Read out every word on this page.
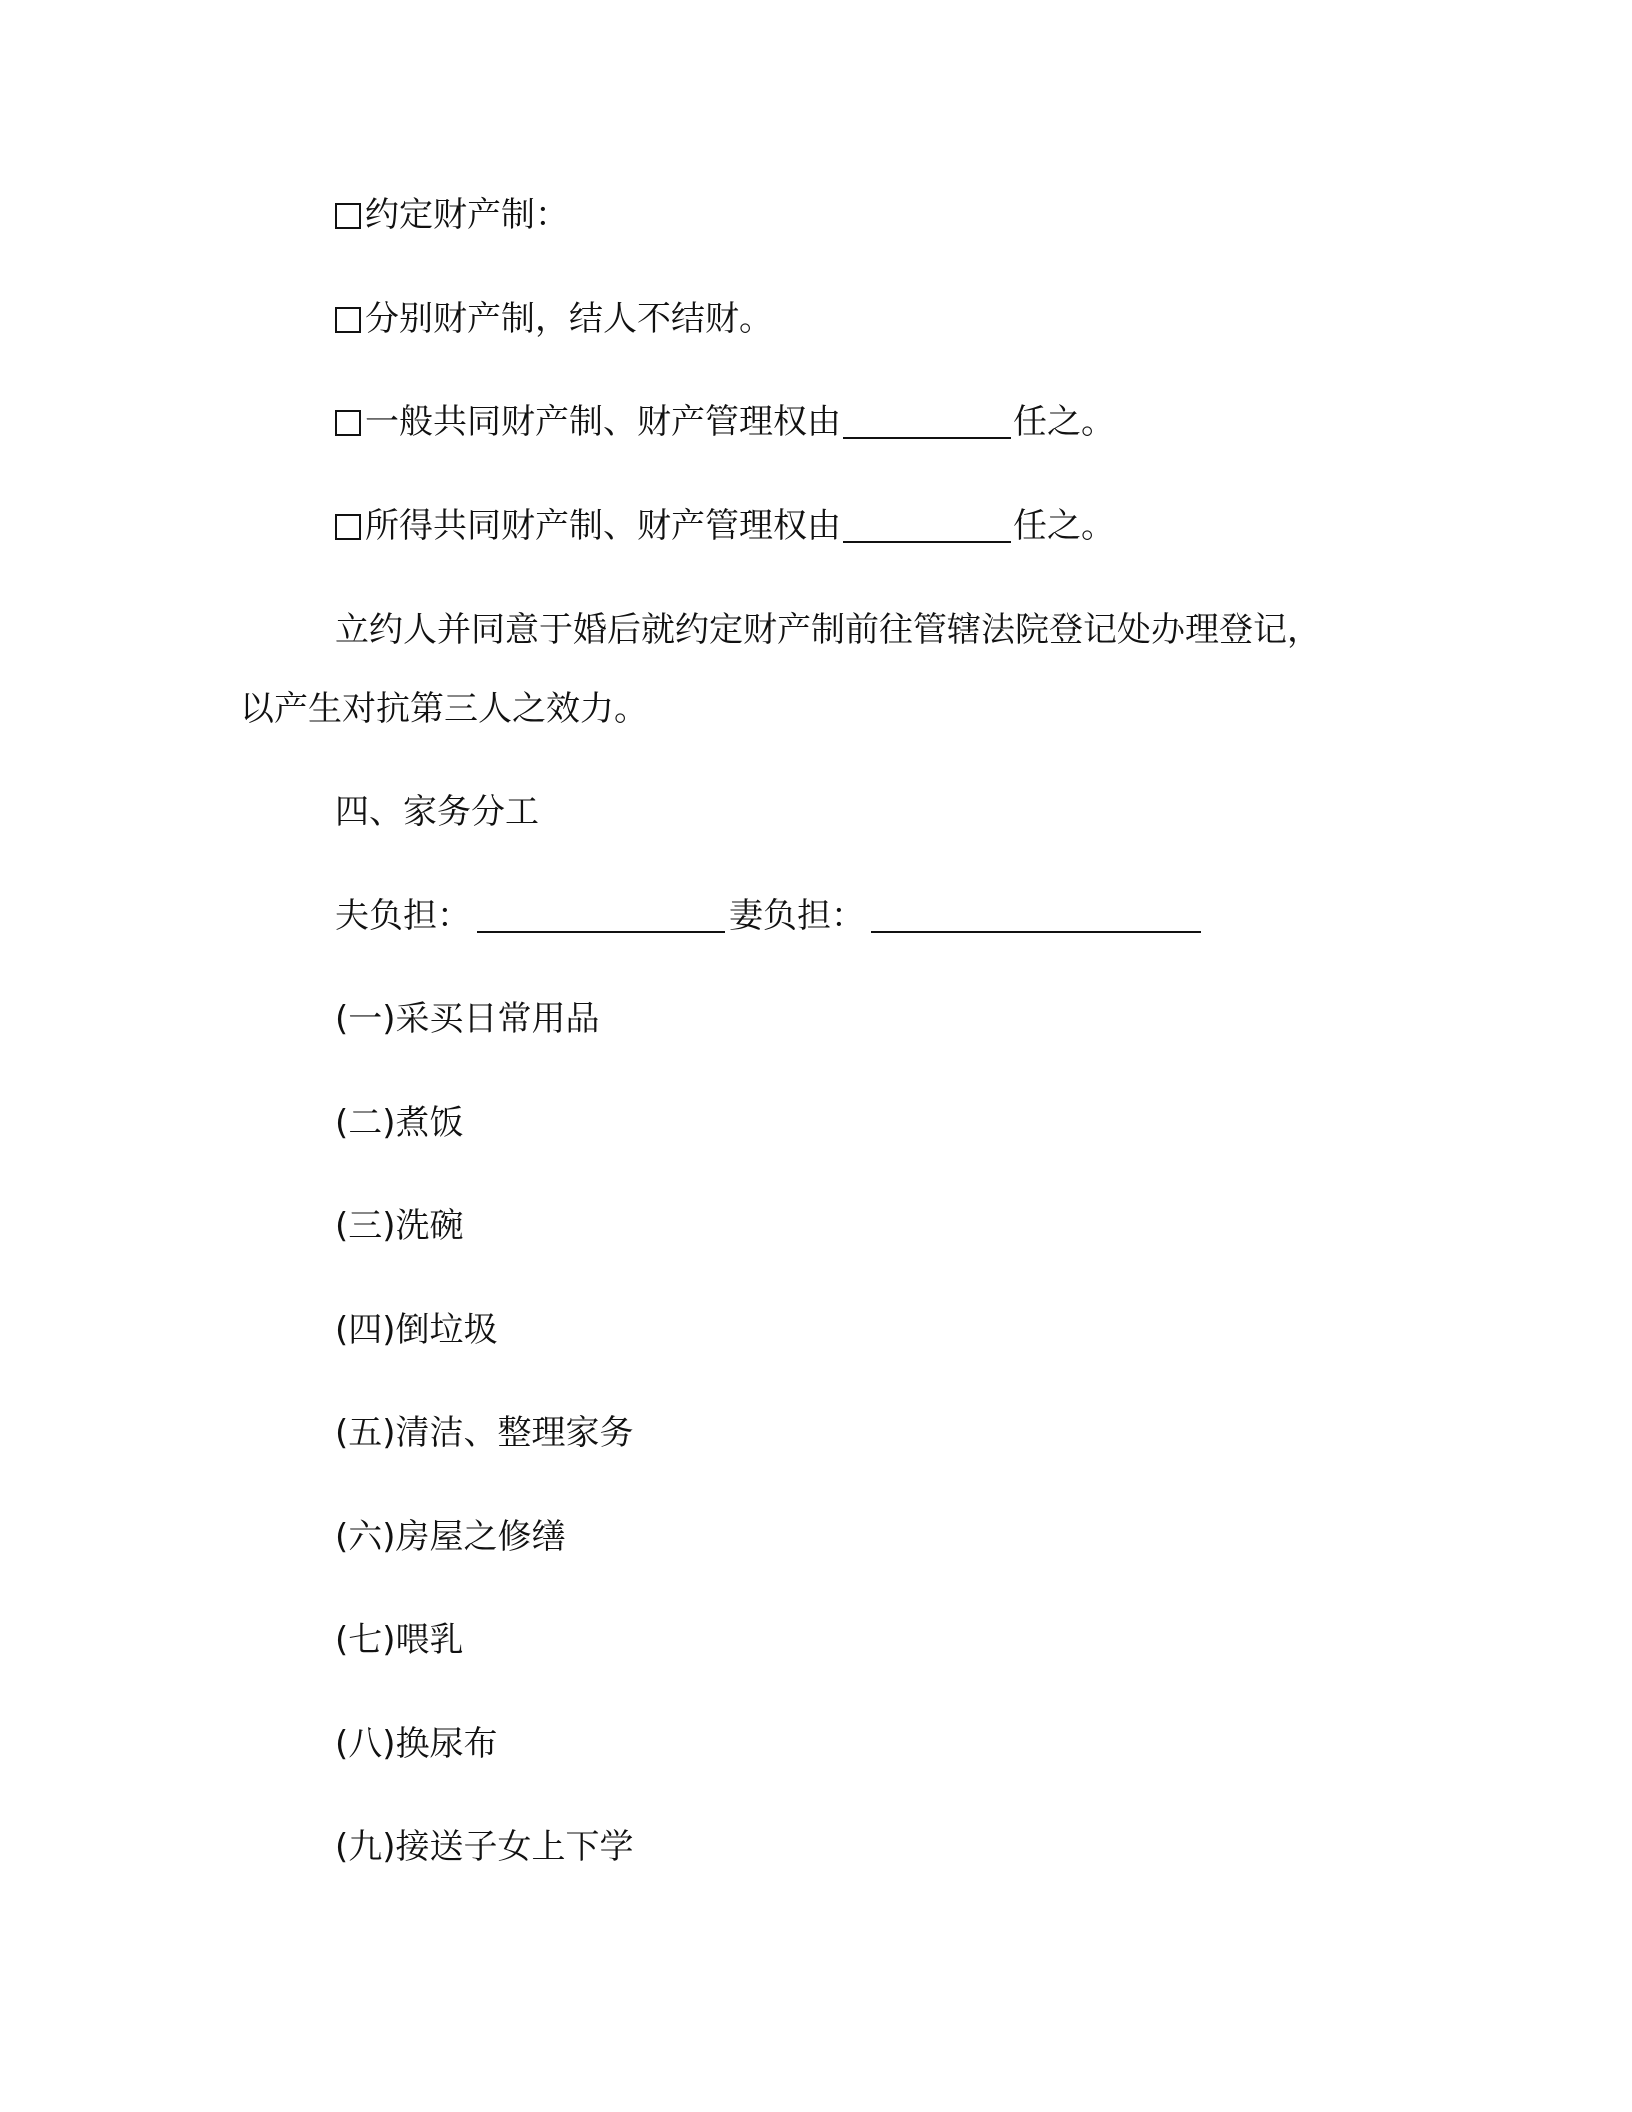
约定财产制：
分别财产制，结人不结财。
一般共同财产制、财产管理权由	任之。
所得共同财产制、财产管理权由	任之。
立约人并同意于婚后就约定财产制前往管辖法院登记处办理登记，
以产生对抗第三人之效力。
四、家务分工
夫负担：	妻负担：
(一)采买日常用品
(二)煮饭
(三)洗碗
(四)倒垃圾
(五)清洁、整理家务
(六)房屋之修缮
(七)喂乳
(八)换尿布
(九)接送子女上下学
